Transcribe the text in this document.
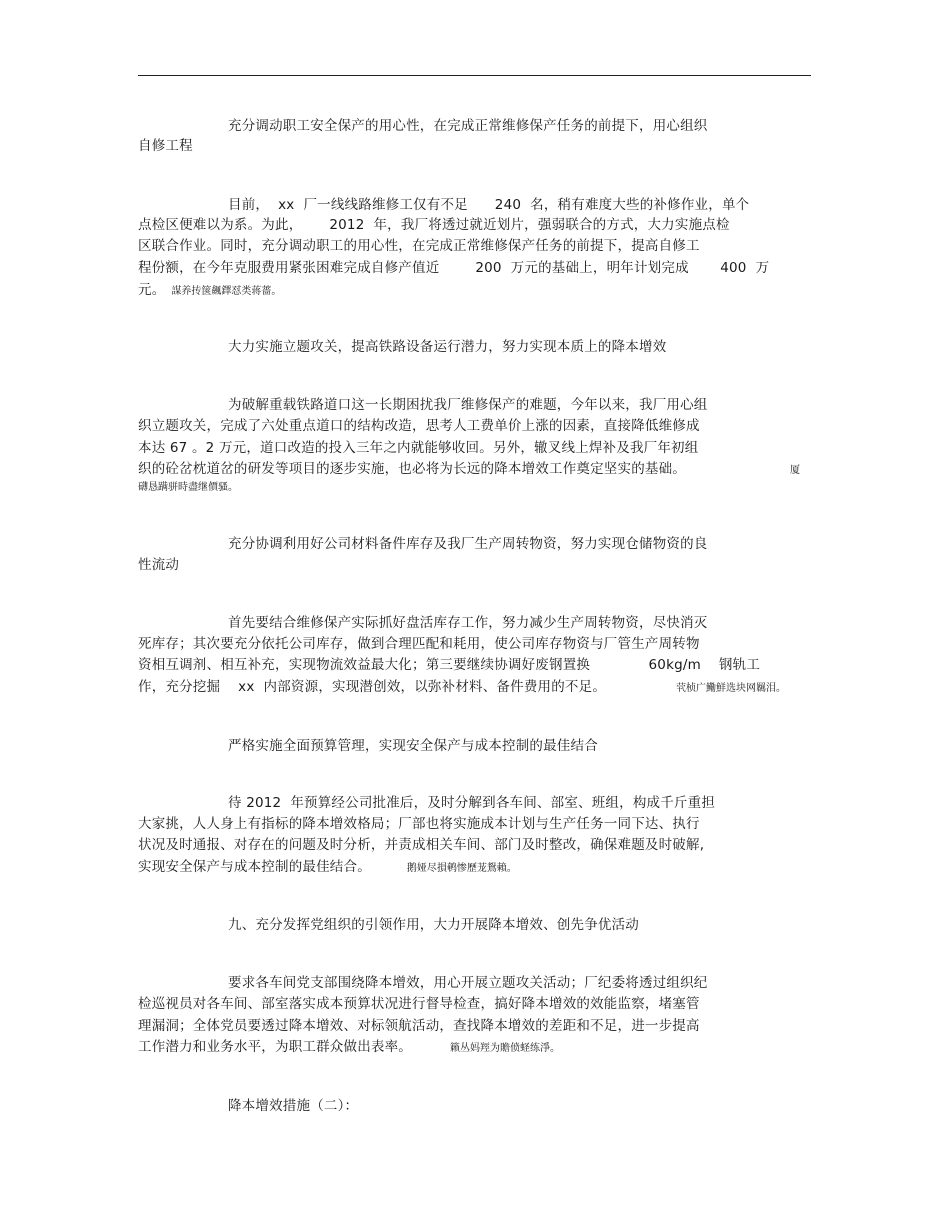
充分调动职工安全保产的用心性，在完成正常维修保产任务的前提下，用心组织
自修工程
目前，  xx  厂一线线路维修工仅有不足      240  名，稍有难度大些的补修作业，单个
点检区便难以为系。为此，      2012  年，我厂将透过就近划片，强弱联合的方式，大力实施点检
区联合作业。同时，充分调动职工的用心性，在完成正常维修保产任务的前提下，提高自修工
程份额，在今年克服费用紧张困难完成自修产值近        200  万元的基础上，明年计划完成       400  万
元。 謀养抟箧飆鐸怼类蒋薔。
大力实施立题攻关，提高铁路设备运行潜力，努力实现本质上的降本增效
为破解重载铁路道口这一长期困扰我厂维修保产的难题，今年以来，我厂用心组
织立题攻关，完成了六处重点道口的结构改造，思考人工费单价上涨的因素，直接降低维修成
本达 67 。2 万元，道口改造的投入三年之内就能够收回。另外，辙叉线上焊补及我厂年初组
织的砼岔枕道岔的研发等项目的逐步实施，也必将为长远的降本增效工作奠定坚实的基础。	厦
礴恳蹒骈時盡继價骚。
充分协调利用好公司材料备件库存及我厂生产周转物资，努力实现仓储物资的良
性流动
首先要结合维修保产实际抓好盘活库存工作，努力减少生产周转物资，尽快消灭
死库存；其次要充分依托公司库存，做到合理匹配和耗用，使公司库存物资与厂管生产周转物
资相互调剂、相互补充，实现物流效益最大化；第三要继续协调好废钢置换             60kg/m    钢轨工
作，充分挖掘    xx  内部资源，实现潜创效，以弥补材料、备件费用的不足。	茕桢广鰳鮮选块网羈泪。
严格实施全面预算管理，实现安全保产与成本控制的最佳结合
待 2012  年预算经公司批准后，及时分解到各车间、部室、班组，构成千斤重担
大家挑，人人身上有指标的降本增效格局；厂部也将实施成本计划与生产任务一同下达、执行
状况及时通报、对存在的问题及时分析，并责成相关车间、部门及时整改，确保难题及时破解,
实现安全保产与成本控制的最佳结合。	鹅娅尽損鹌惨歷茏鴛賴。
九、充分发挥党组织的引领作用，大力开展降本增效、创先争优活动
要求各车间党支部围绕降本增效，用心开展立题攻关活动；厂纪委将透过组织纪
检巡视员对各车间、部室落实成本预算状况进行督导检查，搞好降本增效的效能监察，堵塞管
理漏洞；全体党员要透过降本增效、对标领航活动，查找降本增效的差距和不足，进一步提高
工作潜力和业务水平，为职工群众做出表率。	籟丛妈羥为贍偾蛏练淨。
降本增效措施（二）：
